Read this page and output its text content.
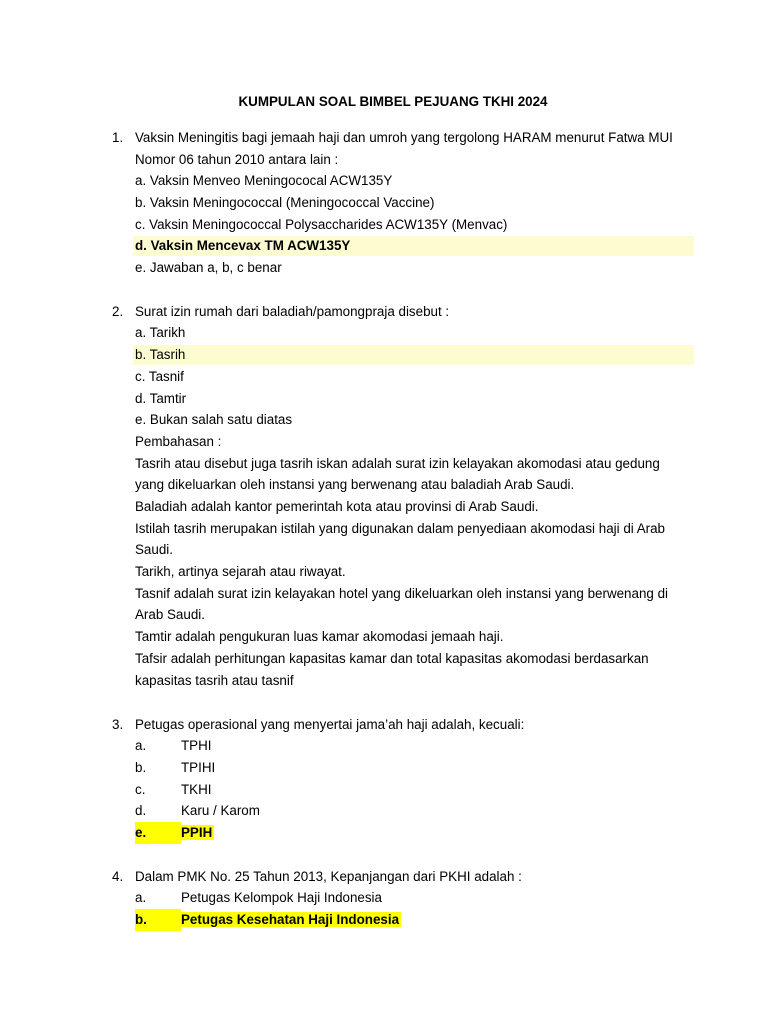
KUMPULAN SOAL BIMBEL PEJUANG TKHI 2024
1. Vaksin Meningitis bagi jemaah haji dan umroh yang tergolong HARAM menurut Fatwa MUI
Nomor 06 tahun 2010 antara lain :
a. Vaksin Menveo Meningococal ACW135Y
b. Vaksin Meningococcal (Meningococcal Vaccine)
c. Vaksin Meningococcal Polysaccharides ACW135Y (Menvac)
d. Vaksin Mencevax TM ACW135Y
e. Jawaban a, b, c benar
2. Surat izin rumah dari baladiah/pamongpraja disebut :
a. Tarikh
b. Tasrih
c. Tasnif
d. Tamtir
e. Bukan salah satu diatas
Pembahasan :
Tasrih atau disebut juga tasrih iskan adalah surat izin kelayakan akomodasi atau gedung
yang dikeluarkan oleh instansi yang berwenang atau baladiah Arab Saudi.
Baladiah adalah kantor pemerintah kota atau provinsi di Arab Saudi.
Istilah tasrih merupakan istilah yang digunakan dalam penyediaan akomodasi haji di Arab
Saudi.
Tarikh, artinya sejarah atau riwayat.
Tasnif adalah surat izin kelayakan hotel yang dikeluarkan oleh instansi yang berwenang di
Arab Saudi.
Tamtir adalah pengukuran luas kamar akomodasi jemaah haji.
Tafsir adalah perhitungan kapasitas kamar dan total kapasitas akomodasi berdasarkan
kapasitas tasrih atau tasnif
3. Petugas operasional yang menyertai jama’ah haji adalah, kecuali:
a.	TPHI
b.	TPIHI
c.	TKHI
d.	Karu / Karom
e.	PPIH
4. Dalam PMK No. 25 Tahun 2013, Kepanjangan dari PKHI adalah :
a.	Petugas Kelompok Haji Indonesia
b.	Petugas Kesehatan Haji Indonesia
